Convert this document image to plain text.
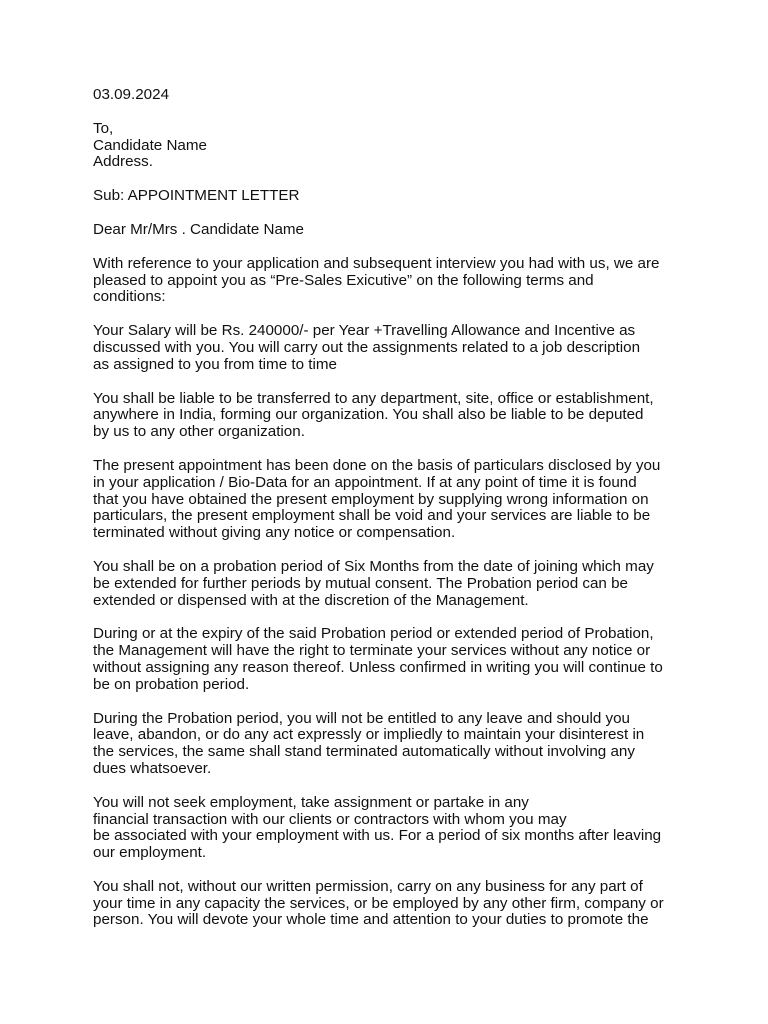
03.09.2024
To,
Candidate Name
Address.
Sub: APPOINTMENT LETTER
Dear Mr/Mrs . Candidate Name
With reference to your application and subsequent interview you had with us, we are
pleased to appoint you as “Pre-Sales Exicutive” on the following terms and
conditions:
Your Salary will be Rs. 240000/- per Year +Travelling Allowance and Incentive as
discussed with you. You will carry out the assignments related to a job description
as assigned to you from time to time
You shall be liable to be transferred to any department, site, office or establishment,
anywhere in India, forming our organization. You shall also be liable to be deputed
by us to any other organization.
The present appointment has been done on the basis of particulars disclosed by you
in your application / Bio-Data for an appointment. If at any point of time it is found
that you have obtained the present employment by supplying wrong information on
particulars, the present employment shall be void and your services are liable to be
terminated without giving any notice or compensation.
You shall be on a probation period of Six Months from the date of joining which may
be extended for further periods by mutual consent. The Probation period can be
extended or dispensed with at the discretion of the Management.
During or at the expiry of the said Probation period or extended period of Probation,
the Management will have the right to terminate your services without any notice or
without assigning any reason thereof. Unless confirmed in writing you will continue to
be on probation period.
During the Probation period, you will not be entitled to any leave and should you
leave, abandon, or do any act expressly or impliedly to maintain your disinterest in
the services, the same shall stand terminated automatically without involving any
dues whatsoever.
You will not seek employment, take assignment or partake in any
financial transaction with our clients or contractors with whom you may
be associated with your employment with us. For a period of six months after leaving
our employment.
You shall not, without our written permission, carry on any business for any part of
your time in any capacity the services, or be employed by any other firm, company or
person. You will devote your whole time and attention to your duties to promote the
